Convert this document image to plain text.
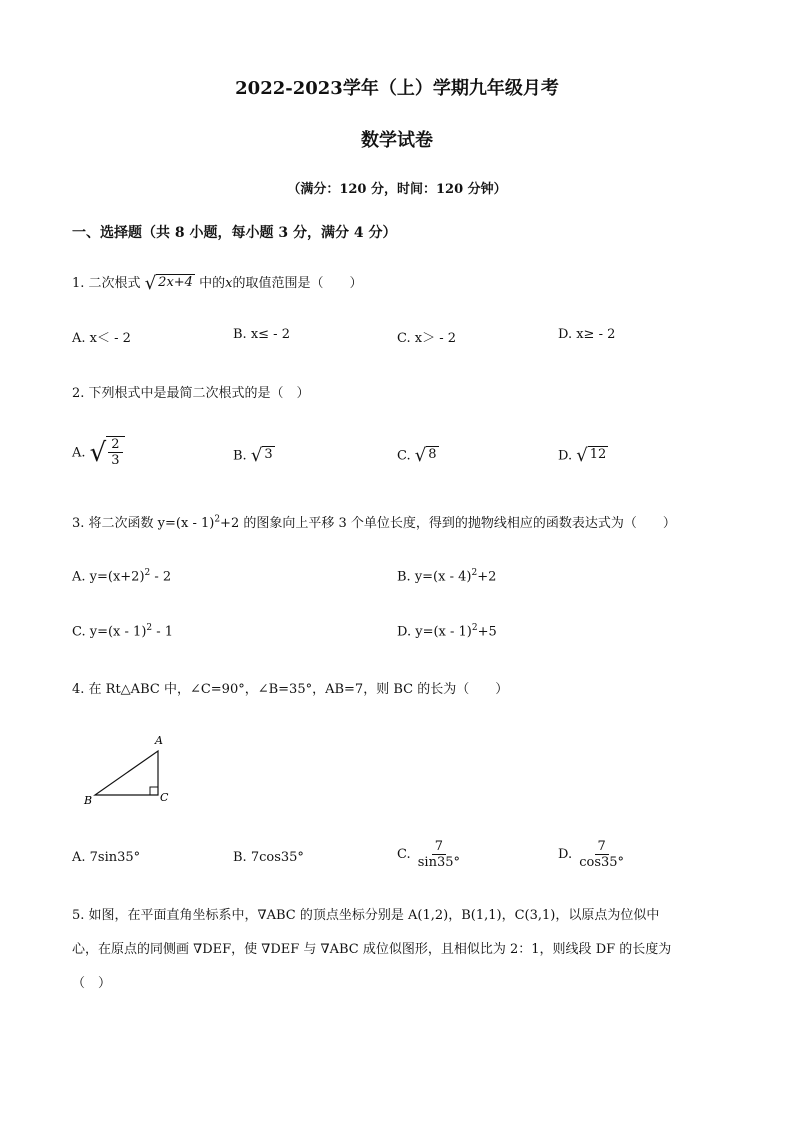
2022-2023学年（上）学期九年级月考
数学试卷
（满分：120 分，时间：120 分钟）
一、选择题（共 8 小题，每小题 3 分，满分 4 分）
1. 二次根式 √ 2x+4 中的x的取值范围是（　　）
A. x＜ - 2	B. x≤ - 2	C. x＞ - 2	D. x≥ - 2
2. 下列根式中是最简二次根式的是（　）
A. √ $\frac{2}{3}$	B. √ 3	C. √ 8	D. √ 12
3. 将二次函数 y=(x - 1)$^2$+2 的图象向上平移 3 个单位长度，得到的抛物线相应的函数表达式为（　　）
A. $y=(x+2)^2 - 2$	B. y=(x - 4)$^2$+2
C. y=(x - 1)$^2$ - 1	D. y=(x - 1)$^2$+5
4. 在 Rt△ABC 中，∠C=90°，∠B=35°，AB=7，则 BC 的长为（　　）
A
B	C
A. 7sin35°	B. 7cos35°	C. $\frac{7}{\sin 35^\circ}$	D. $\frac{7}{\cos 35^\circ}$
5. 如图，在平面直角坐标系中，∇ABC 的顶点坐标分别是 A(1,2)，B(1,1)，C(3,1)，以原点为位似中
心，在原点的同侧画 ∇DEF，使 ∇DEF 与 ∇ABC 成位似图形，且相似比为 2：1，则线段 DF 的长度为
（　）
